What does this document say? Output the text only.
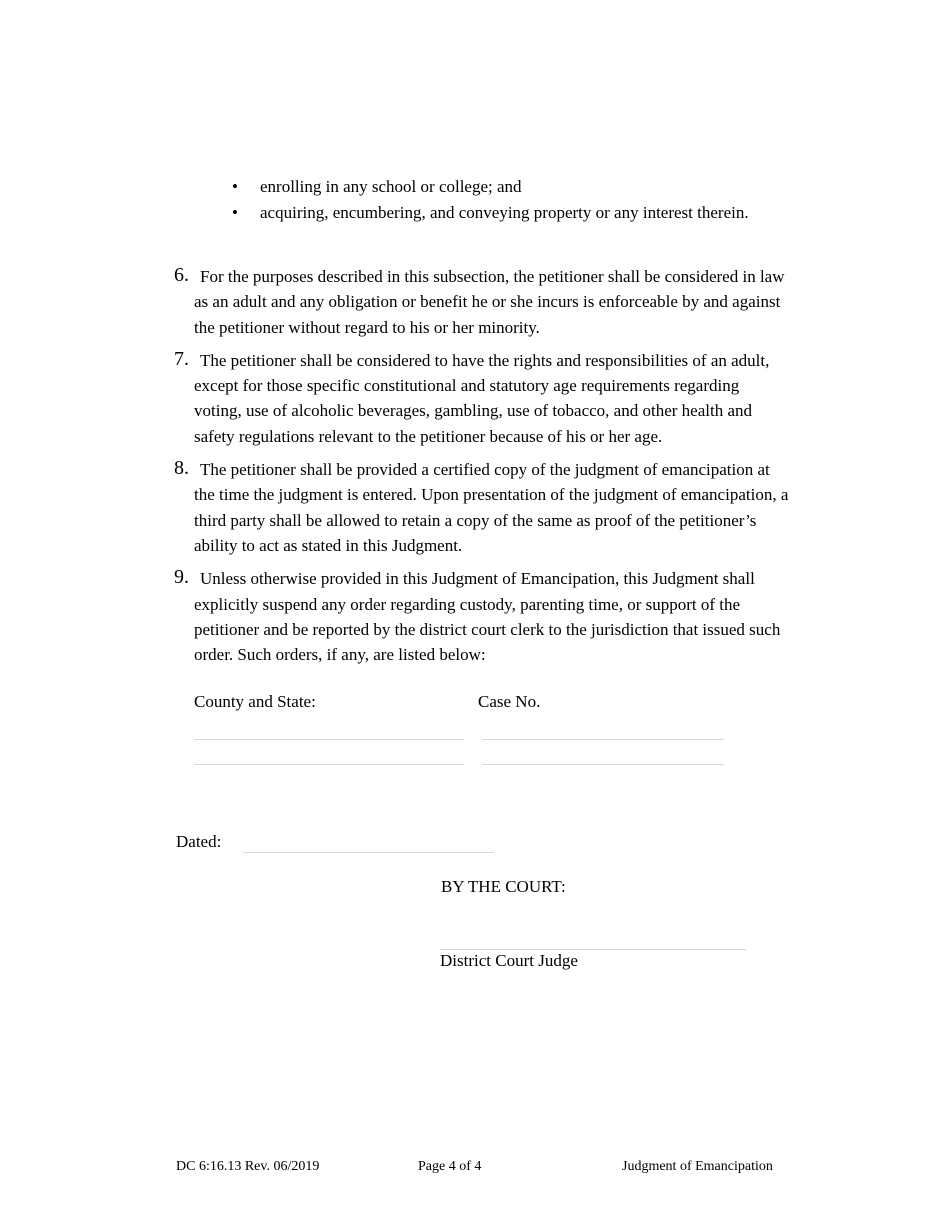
• enrolling in any school or college; and
• acquiring, encumbering, and conveying property or any interest therein.
6. For the purposes described in this subsection, the petitioner shall be considered in law as an adult and any obligation or benefit he or she incurs is enforceable by and against the petitioner without regard to his or her minority.
7. The petitioner shall be considered to have the rights and responsibilities of an adult, except for those specific constitutional and statutory age requirements regarding voting, use of alcoholic beverages, gambling, use of tobacco, and other health and safety regulations relevant to the petitioner because of his or her age.
8. The petitioner shall be provided a certified copy of the judgment of emancipation at the time the judgment is entered. Upon presentation of the judgment of emancipation, a third party shall be allowed to retain a copy of the same as proof of the petitioner’s ability to act as stated in this Judgment.
9. Unless otherwise provided in this Judgment of Emancipation, this Judgment shall explicitly suspend any order regarding custody, parenting time, or support of the petitioner and be reported by the district court clerk to the jurisdiction that issued such order. Such orders, if any, are listed below:
County and State:	Case No.
Dated:
BY THE COURT:
District Court Judge
DC 6:16.13 Rev. 06/2019	Page 4 of 4	Judgment of Emancipation
